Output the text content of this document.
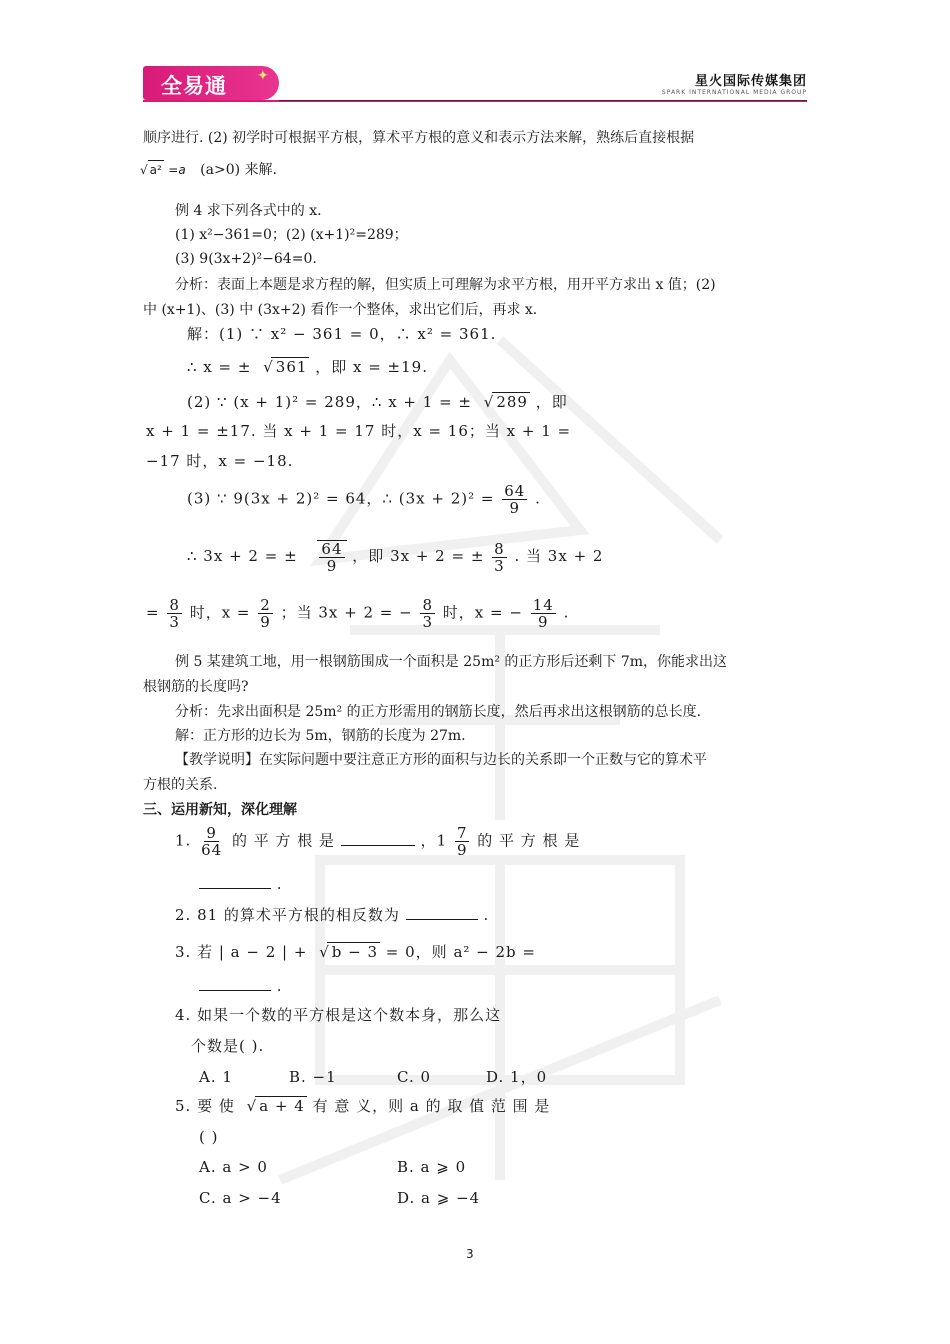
全易通 ✦	星火国际传媒集团
SPARK INTERNATIONAL MEDIA GROUP
顺序进行. (2) 初学时可根据平方根，算术平方根的意义和表示方法来解，熟练后直接根据
√ a² =a (a>0) 来解.
例 4 求下列各式中的 x.
(1) x²−361=0；(2) (x+1)²=289；
(3) 9(3x+2)²−64=0.
分析：表面上本题是求方程的解，但实质上可理解为求平方根，用开平方求出 x 值；(2)
中 (x+1)、(3) 中 (3x+2) 看作一个整体，求出它们后，再求 x.
解：(1) ∵ x² − 361 = 0，∴ x² = 361.
∴ x = ± √ 361 ，即 x = ±19.
(2) ∵ (x + 1)² = 289，∴ x + 1 = ± √ 289 ，即
x + 1 = ±17. 当 x + 1 = 17 时，x = 16；当 x + 1 =
−17 时，x = −18.
(3) ∵ 9(3x + 2)² = 64，∴ $(3x + 2)^2 = \frac{64}{9}$ .
∴ 3x + 2 = ± $\frac{64}{9}$ ，即 3x + 2 = ± $\frac{8}{3}$ . 当 3x + 2
= $\frac{8}{3}$ 时，$x = \frac{2}{9}$ ；当 3x + 2 = − $\frac{8}{3}$ 时，x = − $\frac{14}{9}$ .
例 5 某建筑工地，用一根钢筋围成一个面积是 25m² 的正方形后还剩下 7m，你能求出这
根钢筋的长度吗?
分析：先求出面积是 25m² 的正方形需用的钢筋长度，然后再求出这根钢筋的总长度.
解：正方形的边长为 5m，钢筋的长度为 27m.
【教学说明】在实际问题中要注意正方形的面积与边长的关系即一个正数与它的算术平
方根的关系.
三、运用新知，深化理解
1. $\frac{9}{64}$ 的 平 方 根 是	，$1 \frac{7}{9}$ 的 平 方 根 是
.
2. 81 的算术平方根的相反数为	.
3. 若 | a − 2 | + √ b − 3 = 0，则 a² − 2b =
.
4. 如果一个数的平方根是这个数本身，那么这
个数是( ).
A. 1	B. −1	C. 0	D. 1，0
5. 要 使 √ a + 4 有 意 义，则 a 的 取 值 范 围 是
( )
A. a > 0	B. a ⩾ 0
C. a > −4	D. a ⩾ −4
3
